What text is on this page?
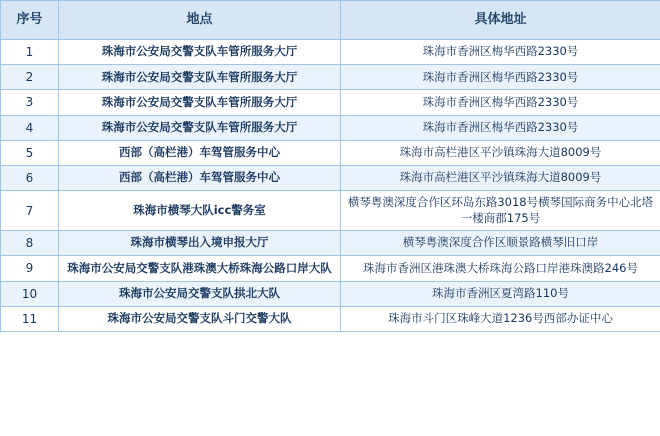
序号	地点	具体地址
1	珠海市公安局交警支队车管所服务大厅	珠海市香洲区梅华西路2330号
2	珠海市公安局交警支队车管所服务大厅	珠海市香洲区梅华西路2330号
3	珠海市公安局交警支队车管所服务大厅	珠海市香洲区梅华西路2330号
4	珠海市公安局交警支队车管所服务大厅	珠海市香洲区梅华西路2330号
5	西部（高栏港）车驾管服务中心	珠海市高栏港区平沙镇珠海大道8009号
6	西部（高栏港）车驾管服务中心	珠海市高栏港区平沙镇珠海大道8009号
7	珠海市横琴大队icc警务室	横琴粤澳深度合作区环岛东路3018号横琴国际商务中心北塔一楼商郡175号
8	珠海市横琴出入境申报大厅	横琴粤澳深度合作区顺景路横琴旧口岸
9	珠海市公安局交警支队港珠澳大桥珠海公路口岸大队	珠海市香洲区港珠澳大桥珠海公路口岸港珠澳路246号
10	珠海市公安局交警支队拱北大队	珠海市香洲区夏湾路110号
11	珠海市公安局交警支队斗门交警大队	珠海市斗门区珠峰大道1236号西部办证中心
